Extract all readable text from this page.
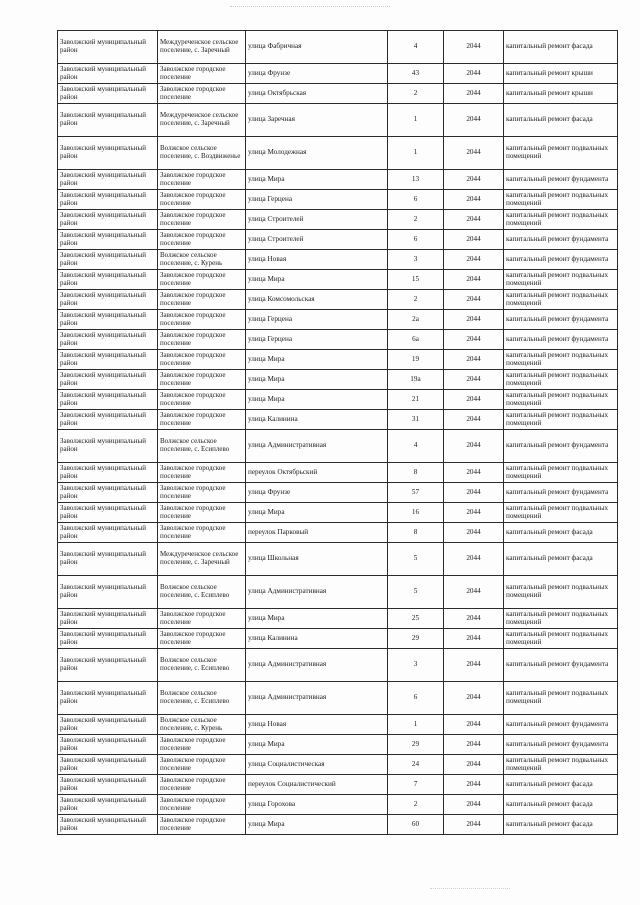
Заволжский муниципальный район	Междуреченское сельское поселение, с. Заречный	улица Фабричная	4	2044	капитальный ремонт фасада
Заволжский муниципальный район	Заволжское городское поселение	улица Фрунзе	43	2044	капитальный ремонт крыши
Заволжский муниципальный район	Заволжское городское поселение	улица Октябрьская	2	2044	капитальный ремонт крыши
Заволжский муниципальный район	Междуреченское сельское поселение, с. Заречный	улица Заречная	1	2044	капитальный ремонт фасада
Заволжский муниципальный район	Волжское сельское поселение, с. Воздвиженье	улица Молодежная	1	2044	капитальный ремонт подвальных помещений
Заволжский муниципальный район	Заволжское городское поселение	улица Мира	13	2044	капитальный ремонт фундамента
Заволжский муниципальный район	Заволжское городское поселение	улица Герцена	6	2044	капитальный ремонт подвальных помещений
Заволжский муниципальный район	Заволжское городское поселение	улица Строителей	2	2044	капитальный ремонт подвальных помещений
Заволжский муниципальный район	Заволжское городское поселение	улица Строителей	6	2044	капитальный ремонт фундамента
Заволжский муниципальный район	Волжское сельское поселение, с. Курень	улица Новая	3	2044	капитальный ремонт фундамента
Заволжский муниципальный район	Заволжское городское поселение	улица Мира	15	2044	капитальный ремонт подвальных помещений
Заволжский муниципальный район	Заволжское городское поселение	улица Комсомольская	2	2044	капитальный ремонт подвальных помещений
Заволжский муниципальный район	Заволжское городское поселение	улица Герцена	2а	2044	капитальный ремонт фундамента
Заволжский муниципальный район	Заволжское городское поселение	улица Герцена	6а	2044	капитальный ремонт фундамента
Заволжский муниципальный район	Заволжское городское поселение	улица Мира	19	2044	капитальный ремонт подвальных помещений
Заволжский муниципальный район	Заволжское городское поселение	улица Мира	19а	2044	капитальный ремонт подвальных помещений
Заволжский муниципальный район	Заволжское городское поселение	улица Мира	21	2044	капитальный ремонт подвальных помещений
Заволжский муниципальный район	Заволжское городское поселение	улица Калинина	31	2044	капитальный ремонт подвальных помещений
Заволжский муниципальный район	Волжское сельское поселение, с. Есиплево	улица Административная	4	2044	капитальный ремонт фундамента
Заволжский муниципальный район	Заволжское городское поселение	переулок Октябрьский	8	2044	капитальный ремонт подвальных помещений
Заволжский муниципальный район	Заволжское городское поселение	улица Фрунзе	57	2044	капитальный ремонт фундамента
Заволжский муниципальный район	Заволжское городское поселение	улица Мира	16	2044	капитальный ремонт подвальных помещений
Заволжский муниципальный район	Заволжское городское поселение	переулок Парковый	8	2044	капитальный ремонт фасада
Заволжский муниципальный район	Междуреченское сельское поселение, с. Заречный	улица Школьная	5	2044	капитальный ремонт фасада
Заволжский муниципальный район	Волжское сельское поселение, с. Есиплево	улица Административная	5	2044	капитальный ремонт подвальных помещений
Заволжский муниципальный район	Заволжское городское поселение	улица Мира	25	2044	капитальный ремонт подвальных помещений
Заволжский муниципальный район	Заволжское городское поселение	улица Калинина	29	2044	капитальный ремонт подвальных помещений
Заволжский муниципальный район	Волжское сельское поселение, с. Есиплево	улица Административная	3	2044	капитальный ремонт фундамента
Заволжский муниципальный район	Волжское сельское поселение, с. Есиплево	улица Административная	6	2044	капитальный ремонт подвальных помещений
Заволжский муниципальный район	Волжское сельское поселение, с. Курень	улица Новая	1	2044	капитальный ремонт фундамента
Заволжский муниципальный район	Заволжское городское поселение	улица Мира	29	2044	капитальный ремонт фундамента
Заволжский муниципальный район	Заволжское городское поселение	улица Социалистическая	24	2044	капитальный ремонт подвальных помещений
Заволжский муниципальный район	Заволжское городское поселение	переулок Социалистический	7	2044	капитальный ремонт фасада
Заволжский муниципальный район	Заволжское городское поселение	улица Горохова	2	2044	капитальный ремонт фасада
Заволжский муниципальный район	Заволжское городское поселение	улица Мира	60	2044	капитальный ремонт фасада
